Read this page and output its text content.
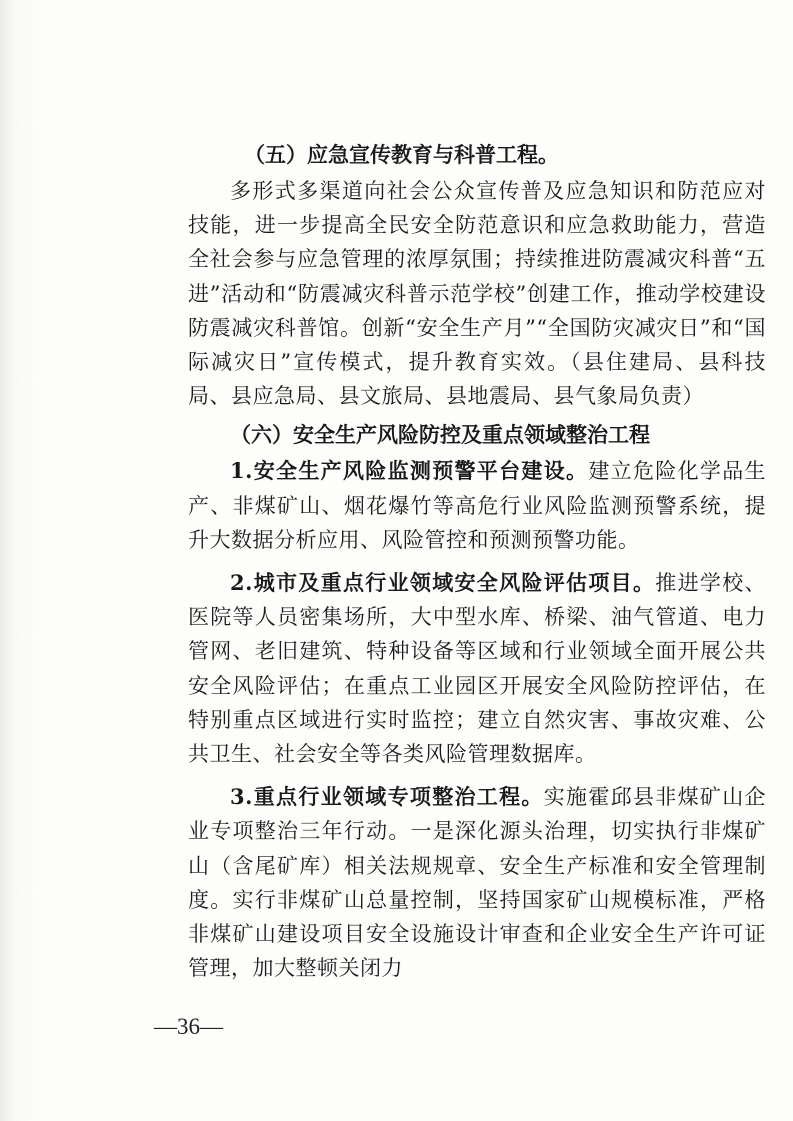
（五）应急宣传教育与科普工程。

多形式多渠道向社会公众宣传普及应急知识和防范应对技能，进一步提高全民安全防范意识和应急救助能力，营造全社会参与应急管理的浓厚氛围；持续推进防震减灾科普“五进”活动和“防震减灾科普示范学校”创建工作，推动学校建设防震减灾科普馆。创新“安全生产月”“全国防灾减灾日”和“国际减灾日”宣传模式，提升教育实效。（县住建局、县科技局、县应急局、县文旅局、县地震局、县气象局负责）

（六）安全生产风险防控及重点领域整治工程

1.安全生产风险监测预警平台建设。建立危险化学品生产、非煤矿山、烟花爆竹等高危行业风险监测预警系统，提升大数据分析应用、风险管控和预测预警功能。

2.城市及重点行业领域安全风险评估项目。推进学校、医院等人员密集场所，大中型水库、桥梁、油气管道、电力管网、老旧建筑、特种设备等区域和行业领域全面开展公共安全风险评估；在重点工业园区开展安全风险防控评估，在特别重点区域进行实时监控；建立自然灾害、事故灾难、公共卫生、社会安全等各类风险管理数据库。

3.重点行业领域专项整治工程。实施霍邱县非煤矿山企业专项整治三年行动。一是深化源头治理，切实执行非煤矿山（含尾矿库）相关法规规章、安全生产标准和安全管理制度。实行非煤矿山总量控制，坚持国家矿山规模标准，严格非煤矿山建设项目安全设施设计审查和企业安全生产许可证管理，加大整顿关闭力

—36—
